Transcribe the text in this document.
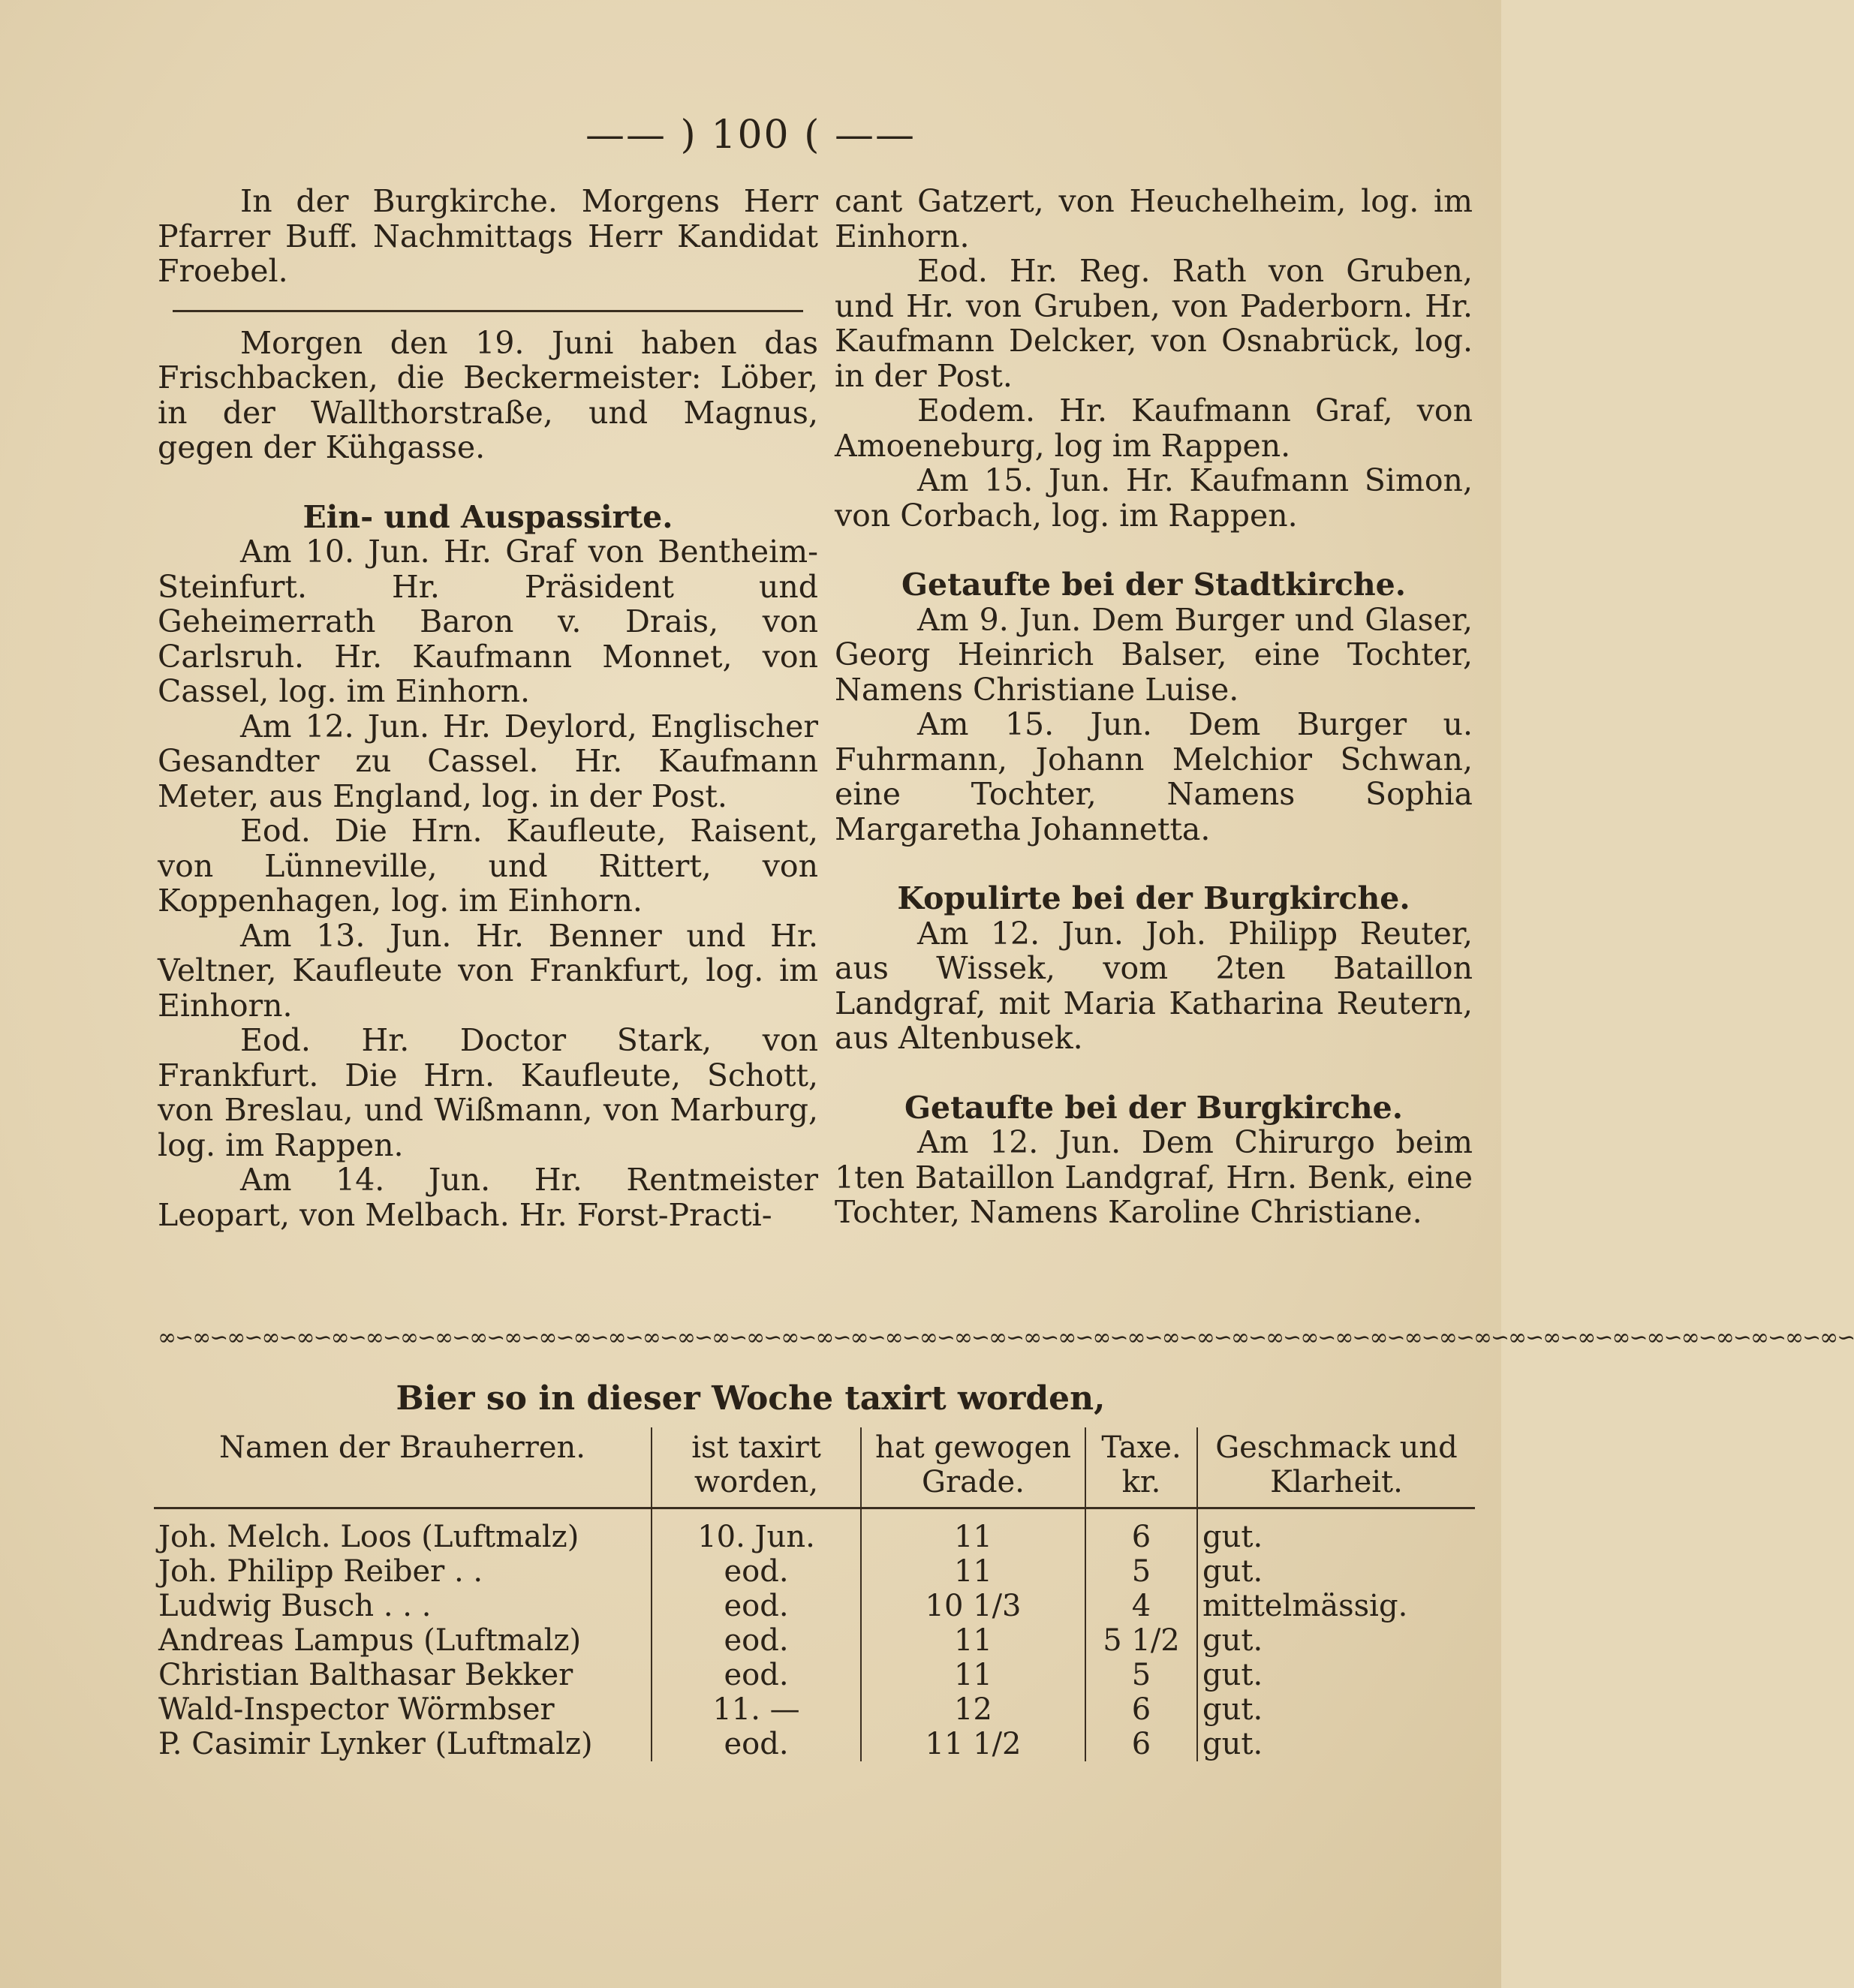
—— ) 100 ( ——

In der Burgkirche. Morgens Herr Pfarrer Buff. Nachmittags Herr Kandidat Froebel.

Morgen den 19. Juni haben das Frischbacken, die Beckermeister: Löber, in der Wallthorstraße, und Magnus, gegen der Kühgasse.

Ein- und Auspassirte.

Am 10. Jun. Hr. Graf von Bentheim-Steinfurt. Hr. Präsident und Geheimerrath Baron v. Drais, von Carlsruh. Hr. Kaufmann Monnet, von Cassel, log. im Einhorn.

Am 12. Jun. Hr. Deylord, Englischer Gesandter zu Cassel. Hr. Kaufmann Meter, aus England, log. in der Post.

Eod. Die Hrn. Kaufleute, Raisent, von Lünneville, und Rittert, von Koppenhagen, log. im Einhorn.

Am 13. Jun. Hr. Benner und Hr. Veltner, Kaufleute von Frankfurt, log. im Einhorn.

Eod. Hr. Doctor Stark, von Frankfurt. Die Hrn. Kaufleute, Schott, von Breslau, und Wißmann, von Marburg, log. im Rappen.

Am 14. Jun. Hr. Rentmeister Leopart, von Melbach. Hr. Forst-Practi-

cant Gatzert, von Heuchelheim, log. im Einhorn.

Eod. Hr. Reg. Rath von Gruben, und Hr. von Gruben, von Paderborn. Hr. Kaufmann Delcker, von Osnabrück, log. in der Post.

Eodem. Hr. Kaufmann Graf, von Amoeneburg, log im Rappen.

Am 15. Jun. Hr. Kaufmann Simon, von Corbach, log. im Rappen.

Getaufte bei der Stadtkirche.

Am 9. Jun. Dem Burger und Glaser, Georg Heinrich Balser, eine Tochter, Namens Christiane Luise.

Am 15. Jun. Dem Burger u. Fuhrmann, Johann Melchior Schwan, eine Tochter, Namens Sophia Margaretha Johannetta.

Kopulirte bei der Burgkirche.

Am 12. Jun. Joh. Philipp Reuter, aus Wissek, vom 2ten Bataillon Landgraf, mit Maria Katharina Reutern, aus Altenbusek.

Getaufte bei der Burgkirche.

Am 12. Jun. Dem Chirurgo beim 1ten Bataillon Landgraf, Hrn. Benk, eine Tochter, Namens Karoline Christiane.

∞∽∞∽∞∽∞∽∞∽∞∽∞∽∞∽∞∽∞∽∞∽∞∽∞∽∞∽∞∽∞∽∞∽∞∽∞∽∞∽∞∽∞∽∞∽∞∽∞∽∞∽∞∽∞∽∞∽∞∽∞∽∞∽∞∽∞∽∞∽∞∽∞∽∞∽∞∽∞∽∞∽∞∽∞∽∞∽∞∽∞∽∞∽∞∽∞∽
Bier so in dieser Woche taxirt worden,
Namen der Brauherren.	ist taxirt worden,	hat gewogen Grade.	Taxe. kr.	Geschmack und Klarheit.
Joh. Melch. Loos (Luftmalz)	10. Jun.	11	6	gut.
Joh. Philipp Reiber . .	eod.	11	5	gut.
Ludwig Busch . . .	eod.	10 1/3	4	mittelmässig.
Andreas Lampus (Luftmalz)	eod.	11	5 1/2	gut.
Christian Balthasar Bekker	eod.	11	5	gut.
Wald-Inspector Wörmbser	11. —	12	6	gut.
P. Casimir Lynker (Luftmalz)	eod.	11 1/2	6	gut.
